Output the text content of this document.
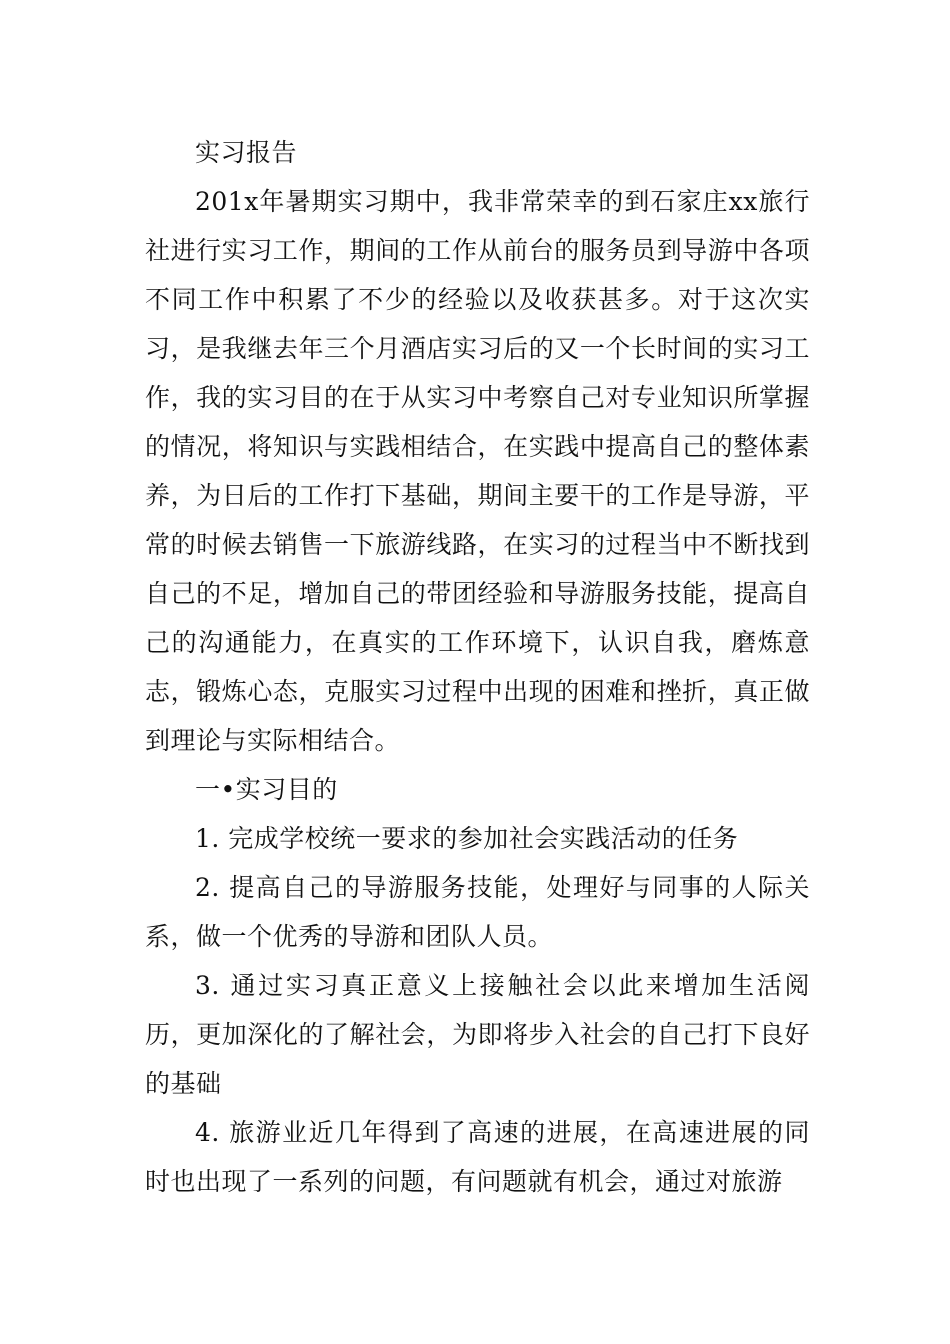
实习报告

201x年暑期实习期中，我非常荣幸的到石家庄xx旅行社进行实习工作，期间的工作从前台的服务员到导游中各项不同工作中积累了不少的经验以及收获甚多。对于这次实习，是我继去年三个月酒店实习后的又一个长时间的实习工作，我的实习目的在于从实习中考察自己对专业知识所掌握的情况，将知识与实践相结合，在实践中提高自己的整体素养，为日后的工作打下基础，期间主要干的工作是导游，平常的时候去销售一下旅游线路，在实习的过程当中不断找到自己的不足，增加自己的带团经验和导游服务技能，提高自己的沟通能力，在真实的工作环境下，认识自我，磨炼意志，锻炼心态，克服实习过程中出现的困难和挫折，真正做到理论与实际相结合。

一•实习目的

1. 完成学校统一要求的参加社会实践活动的任务

2. 提高自己的导游服务技能，处理好与同事的人际关系，做一个优秀的导游和团队人员。

3. 通过实习真正意义上接触社会以此来增加生活阅历，更加深化的了解社会，为即将步入社会的自己打下良好的基础

4. 旅游业近几年得到了高速的进展，在高速进展的同时也出现了一系列的问题，有问题就有机会，通过对旅游
